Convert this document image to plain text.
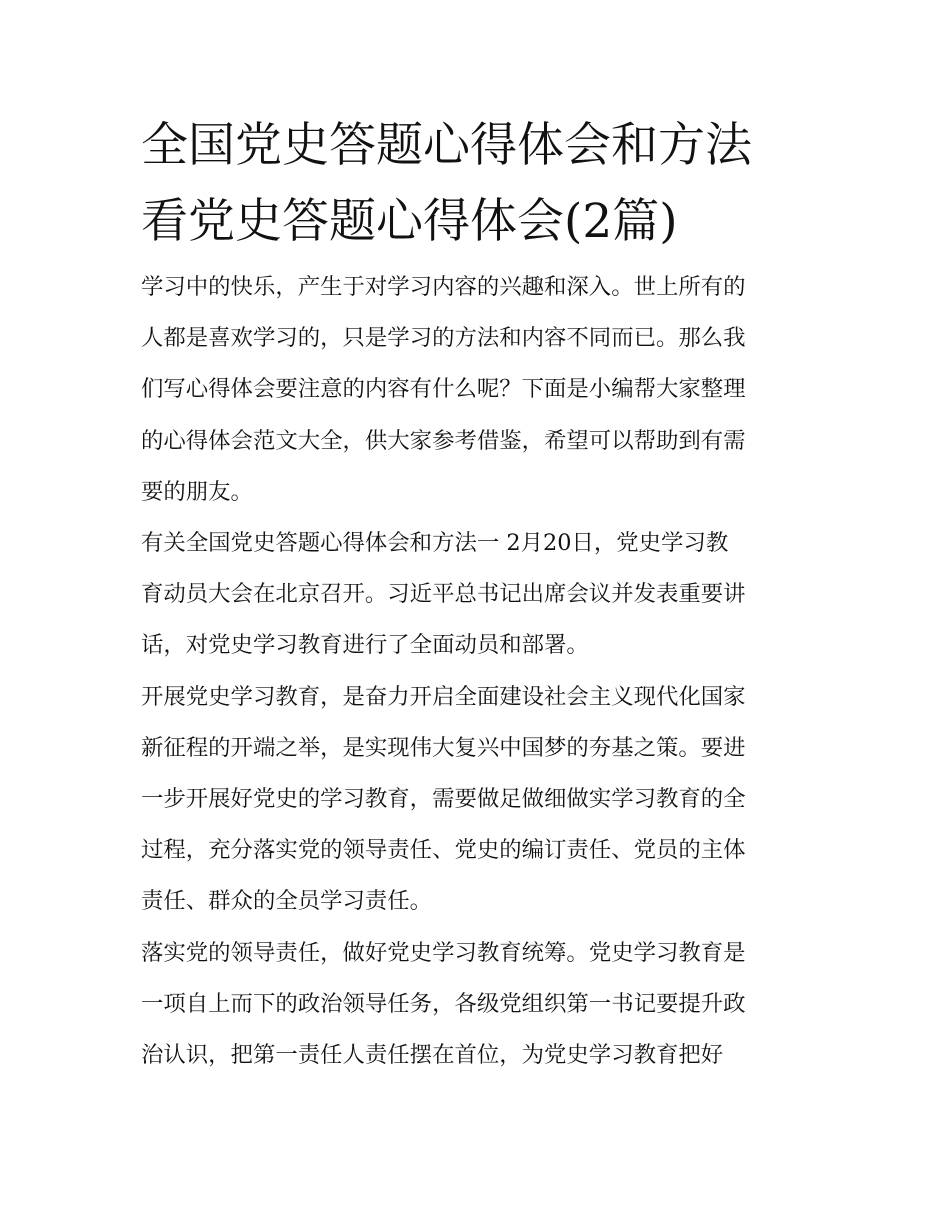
全国党史答题心得体会和方法
看党史答题心得体会(2篇)

学习中的快乐，产生于对学习内容的兴趣和深入。世上所有的
人都是喜欢学习的，只是学习的方法和内容不同而已。那么我
们写心得体会要注意的内容有什么呢？下面是小编帮大家整理
的心得体会范文大全，供大家参考借鉴，希望可以帮助到有需
要的朋友。

有关全国党史答题心得体会和方法一 2月20日，党史学习教
育动员大会在北京召开。习近平总书记出席会议并发表重要讲
话，对党史学习教育进行了全面动员和部署。

开展党史学习教育，是奋力开启全面建设社会主义现代化国家
新征程的开端之举，是实现伟大复兴中国梦的夯基之策。要进
一步开展好党史的学习教育，需要做足做细做实学习教育的全
过程，充分落实党的领导责任、党史的编订责任、党员的主体
责任、群众的全员学习责任。

落实党的领导责任，做好党史学习教育统筹。党史学习教育是
一项自上而下的政治领导任务，各级党组织第一书记要提升政
治认识，把第一责任人责任摆在首位，为党史学习教育把好
